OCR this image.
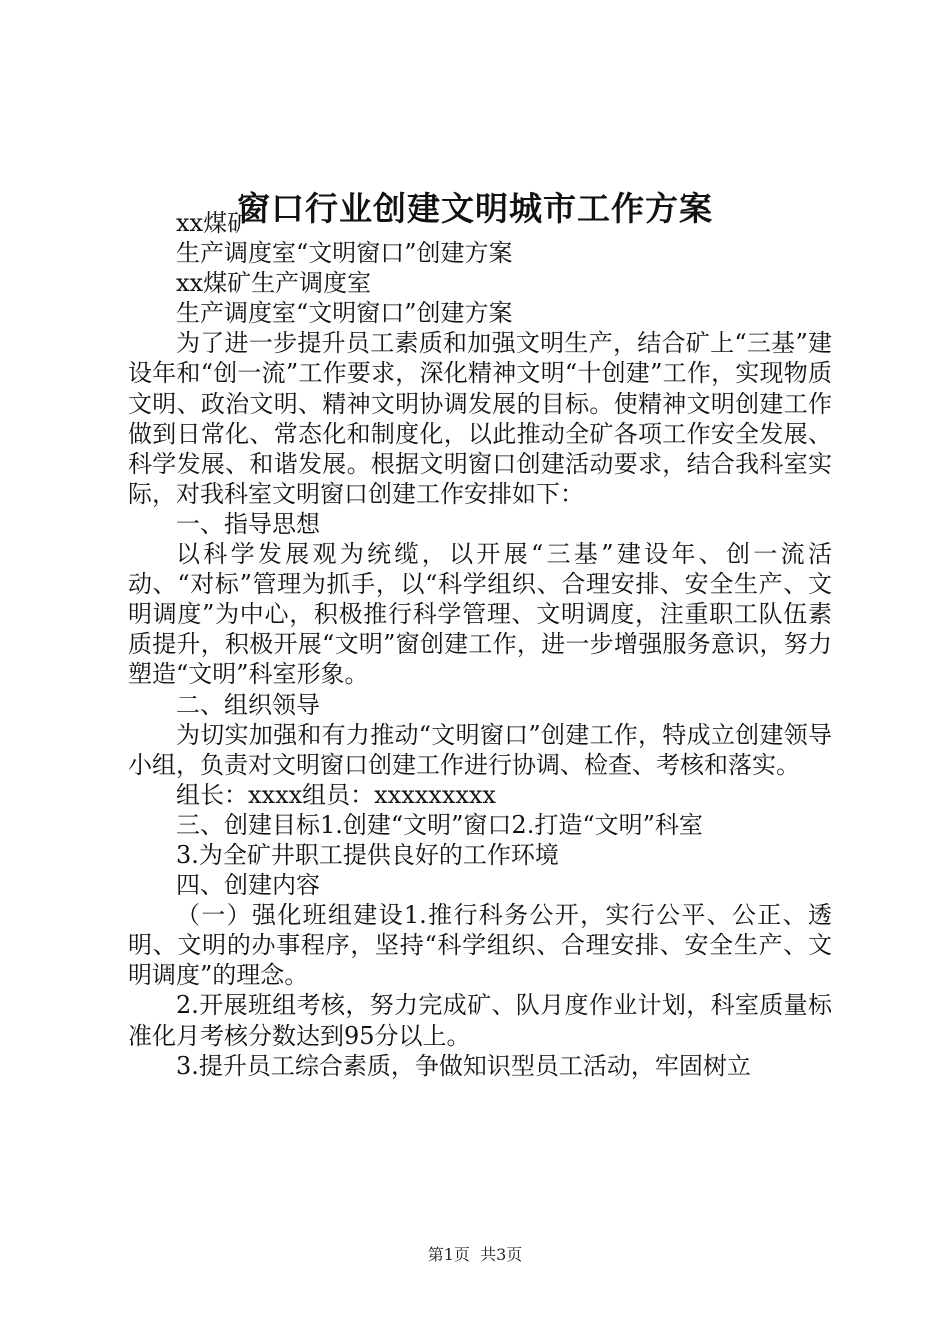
窗口行业创建文明城市工作方案

xx煤矿

生产调度室“文明窗口”创建方案

xx煤矿生产调度室

生产调度室“文明窗口”创建方案

为了进一步提升员工素质和加强文明生产，结合矿上“三基”建设年和“创一流”工作要求，深化精神文明“十创建”工作，实现物质文明、政治文明、精神文明协调发展的目标。使精神文明创建工作做到日常化、常态化和制度化，以此推动全矿各项工作安全发展、科学发展、和谐发展。根据文明窗口创建活动要求，结合我科室实际，对我科室文明窗口创建工作安排如下：

一、指导思想

以科学发展观为统缆，以开展“三基”建设年、创一流活动、“对标”管理为抓手，以“科学组织、合理安排、安全生产、文明调度”为中心，积极推行科学管理、文明调度，注重职工队伍素质提升，积极开展“文明”窗创建工作，进一步增强服务意识，努力塑造“文明”科室形象。

二、组织领导

为切实加强和有力推动“文明窗口”创建工作，特成立创建领导小组，负责对文明窗口创建工作进行协调、检查、考核和落实。

组长：xxxx组员：xxxxxxxxx

三、创建目标1.创建“文明”窗口2.打造“文明”科室

3.为全矿井职工提供良好的工作环境

四、创建内容

（一）强化班组建设1.推行科务公开，实行公平、公正、透明、文明的办事程序，坚持“科学组织、合理安排、安全生产、文明调度”的理念。

2.开展班组考核，努力完成矿、队月度作业计划，科室质量标准化月考核分数达到95分以上。

3.提升员工综合素质，争做知识型员工活动，牢固树立

第1页  共3页
